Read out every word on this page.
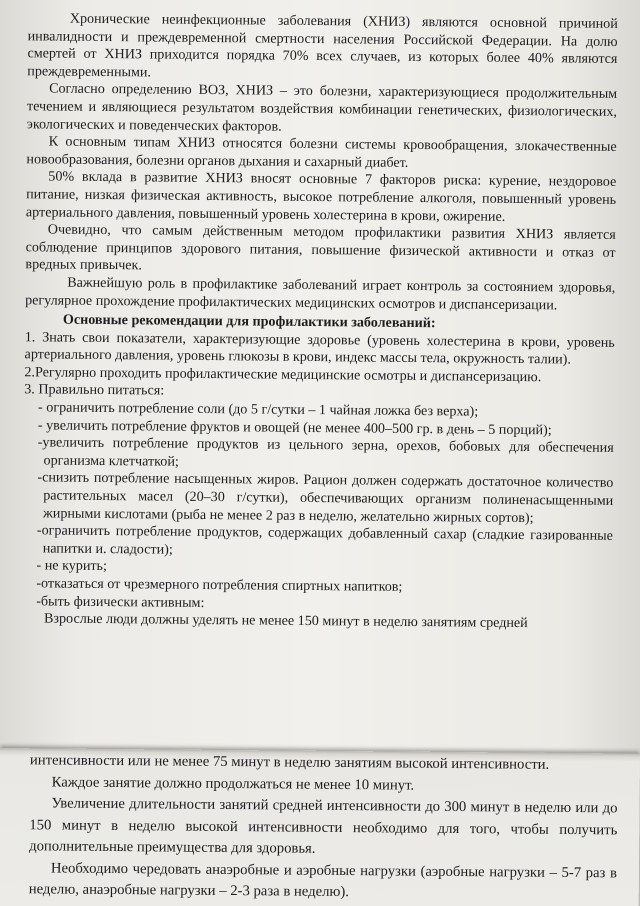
Хронические неинфекционные заболевания (ХНИЗ) являются основной причиной инвалидности и преждевременной смертности населения Российской Федерации. На долю смертей от ХНИЗ приходится порядка 70% всех случаев, из которых более 40% являются преждевременными.

Согласно определению ВОЗ, ХНИЗ – это болезни, характеризующиеся продолжительным течением и являющиеся результатом воздействия комбинации генетических, физиологических, экологических и поведенческих факторов.

К основным типам ХНИЗ относятся болезни системы кровообращения, злокачественные новообразования, болезни органов дыхания и сахарный диабет.

50% вклада в развитие ХНИЗ вносят основные 7 факторов риска: курение, нездоровое питание, низкая физическая активность, высокое потребление алкоголя, повышенный уровень артериального давления, повышенный уровень холестерина в крови, ожирение.

Очевидно, что самым действенным методом профилактики развития ХНИЗ является соблюдение принципов здорового питания, повышение физической активности и отказ от вредных привычек.

Важнейшую роль в профилактике заболеваний играет контроль за состоянием здоровья, регулярное прохождение профилактических медицинских осмотров и диспансеризации.

Основные рекомендации для профилактики заболеваний:

1. Знать свои показатели, характеризующие здоровье (уровень холестерина в крови, уровень артериального давления, уровень глюкозы в крови, индекс массы тела, окружность талии).

2.Регулярно проходить профилактические медицинские осмотры и диспансеризацию.

3. Правильно питаться:

- ограничить потребление соли (до 5 г/сутки – 1 чайная ложка без верха);

- увеличить потребление фруктов и овощей (не менее 400–500 гр. в день – 5 порций);

-увеличить потребление продуктов из цельного зерна, орехов, бобовых для обеспечения организма клетчаткой;

-снизить потребление насыщенных жиров. Рацион должен содержать достаточное количество растительных масел (20–30 г/сутки), обеспечивающих организм полиненасыщенными жирными кислотами (рыба не менее 2 раз в неделю, желательно жирных сортов);

-ограничить потребление продуктов, содержащих добавленный сахар (сладкие газированные напитки и. сладости);

- не курить;

-отказаться от чрезмерного потребления спиртных напитков;

-быть физически активным:

Взрослые люди должны уделять не менее 150 минут в неделю занятиям средней

интенсивности или не менее 75 минут в неделю занятиям высокой интенсивности.

Каждое занятие должно продолжаться не менее 10 минут.

Увеличение длительности занятий средней интенсивности до 300 минут в неделю или до 150 минут в неделю высокой интенсивности необходимо для того, чтобы получить дополнительные преимущества для здоровья.

Необходимо чередовать анаэробные и аэробные нагрузки (аэробные нагрузки – 5-7 раз в неделю, анаэробные нагрузки – 2-3 раза в неделю).
